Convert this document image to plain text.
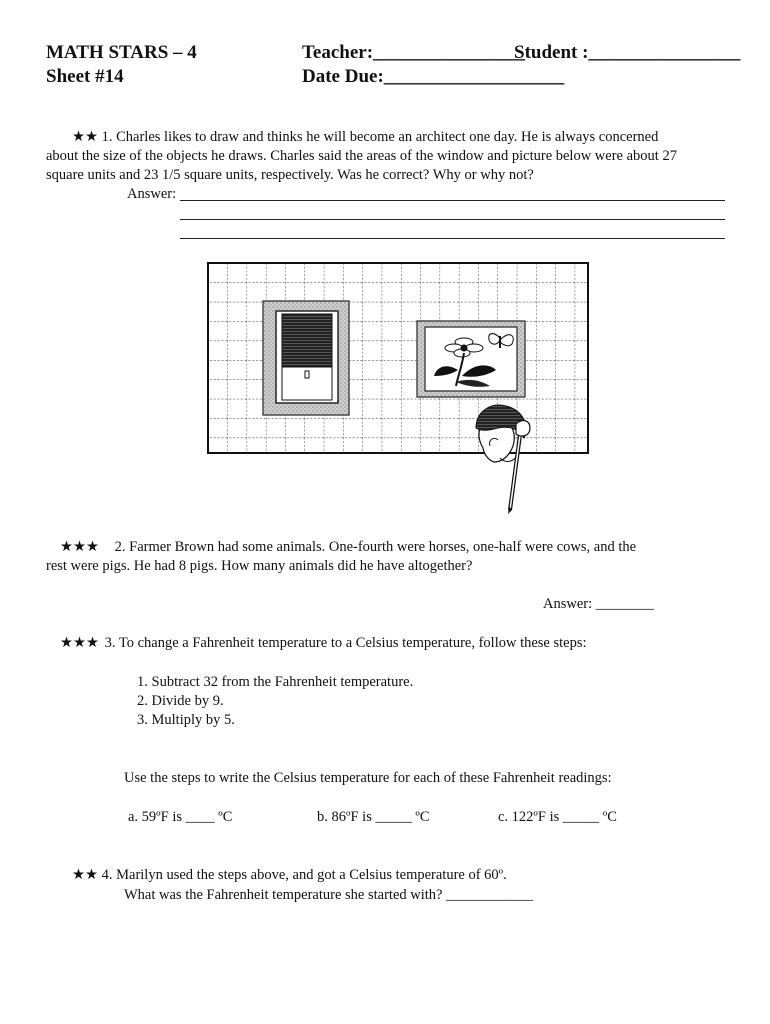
MATH STARS – 4
Sheet #14
Teacher:________________
Student :________________
Date Due:___________________
★★ 1. Charles likes to draw and thinks he will become an architect one day. He is always concerned
about the size of the objects he draws. Charles said the areas of the window and picture below were about 27
square units and 23 1/5 square units, respectively. Was he correct? Why or why not?
Answer:
★★★ 2. Farmer Brown had some animals. One-fourth were horses, one-half were cows, and the
rest were pigs. He had 8 pigs. How many animals did he have altogether?
Answer: ________
★★★ 3. To change a Fahrenheit temperature to a Celsius temperature, follow these steps:
1. Subtract 32 from the Fahrenheit temperature.
2. Divide by 9.
3. Multiply by 5.
Use the steps to write the Celsius temperature for each of these Fahrenheit readings:
a. 59ºF is ____ ºC	b. 86ºF is _____ ºC	c. 122ºF is _____ ºC
★★ 4. Marilyn used the steps above, and got a Celsius temperature of 60º.
What was the Fahrenheit temperature she started with? ____________
